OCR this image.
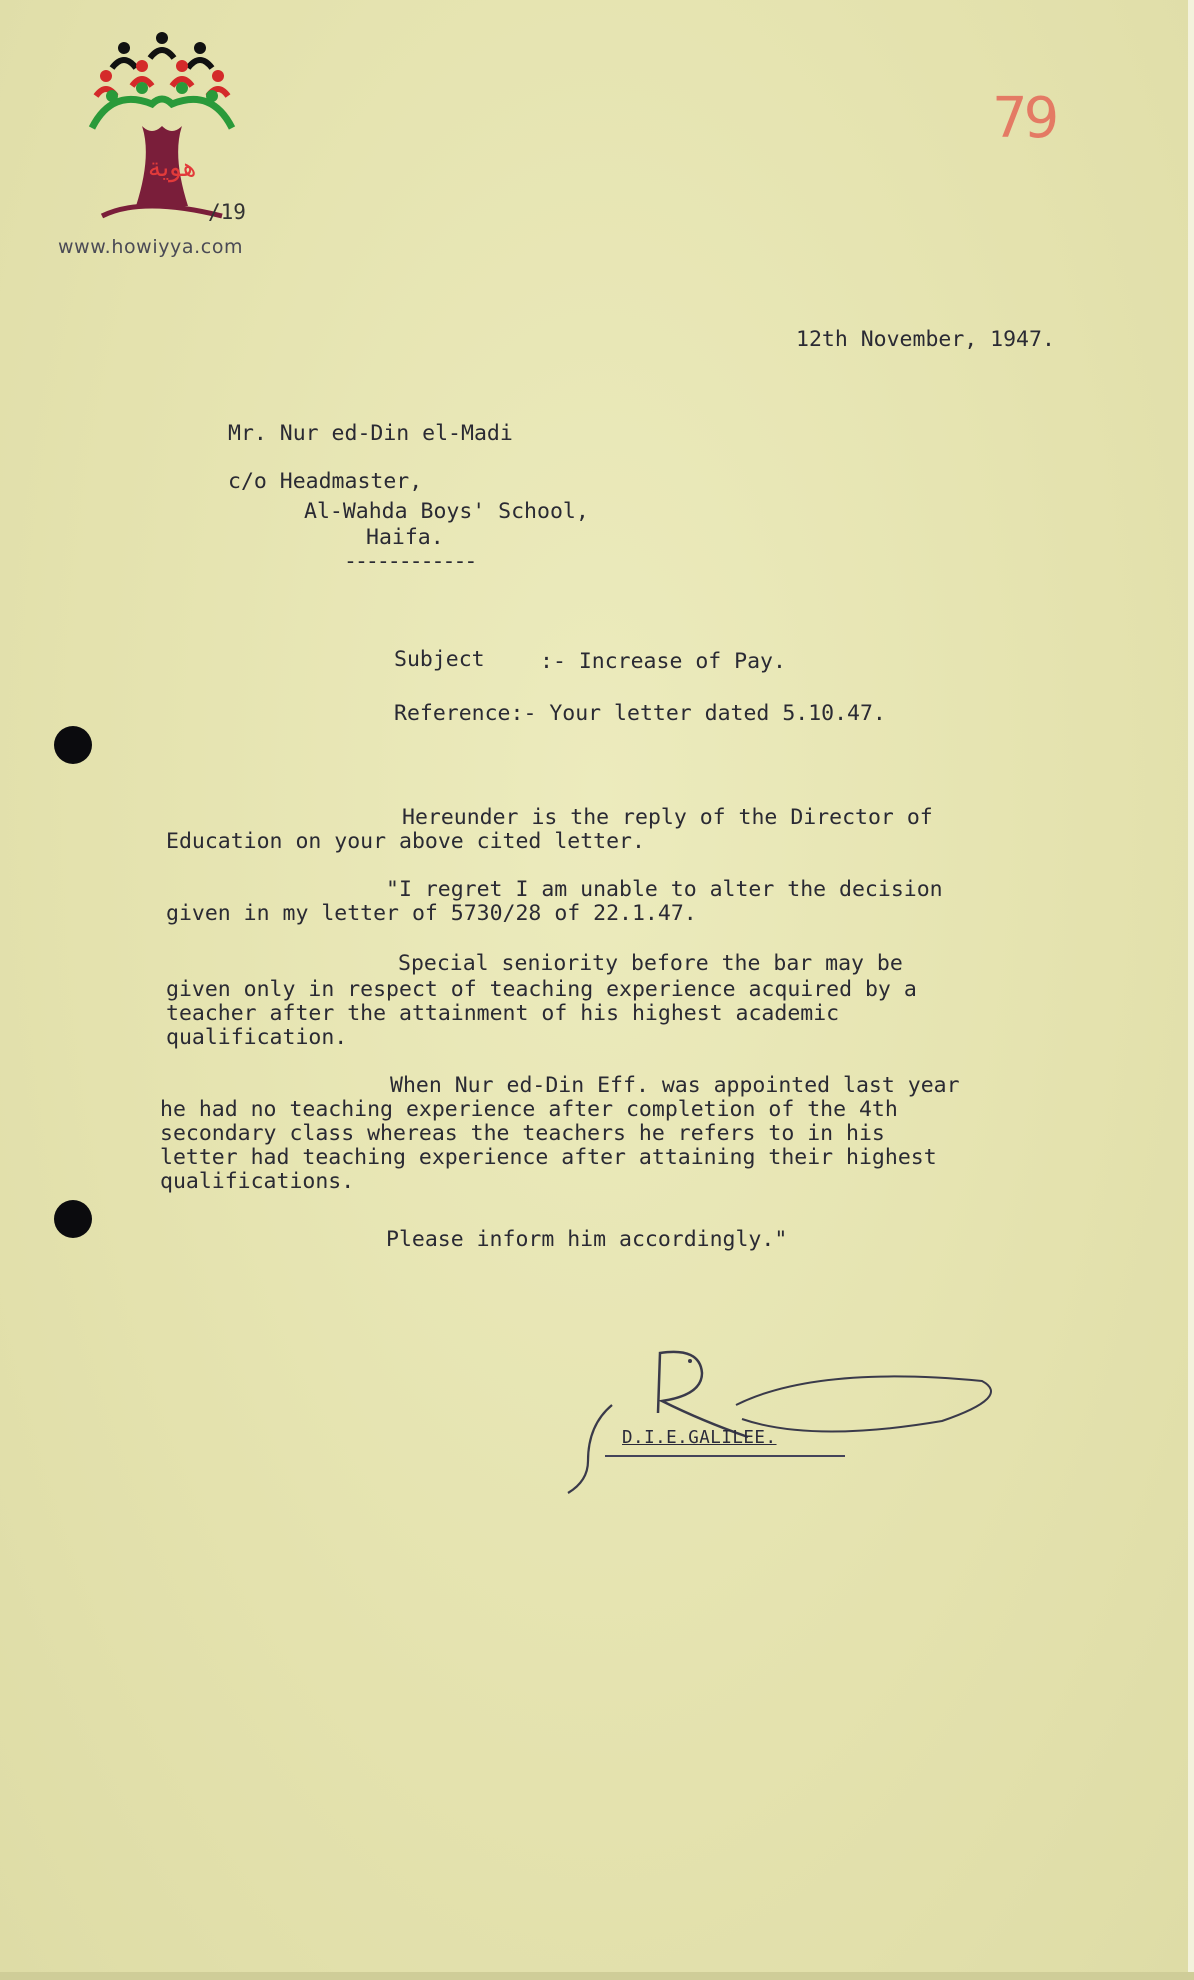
هوية
www.howiyya.com
/19
79
12th November, 1947.
Mr. Nur ed-Din el-Madi
c/o Headmaster,
Al-Wahda Boys' School,
Haifa.
------------
Subject	:- Increase of Pay.
Reference:- Your letter dated 5.10.47.
Hereunder is the reply of the Director of
Education on your above cited letter.
"I regret I am unable to alter the decision
given in my letter of 5730/28 of 22.1.47.
Special seniority before the bar may be
given only in respect of teaching experience acquired by a
teacher after the attainment of his highest academic
qualification.
When Nur ed-Din Eff. was appointed last year
he had no teaching experience after completion of the 4th
secondary class whereas the teachers he refers to in his
letter had teaching experience after attaining their highest
qualifications.
Please inform him accordingly."
D.I.E.GALILEE.
